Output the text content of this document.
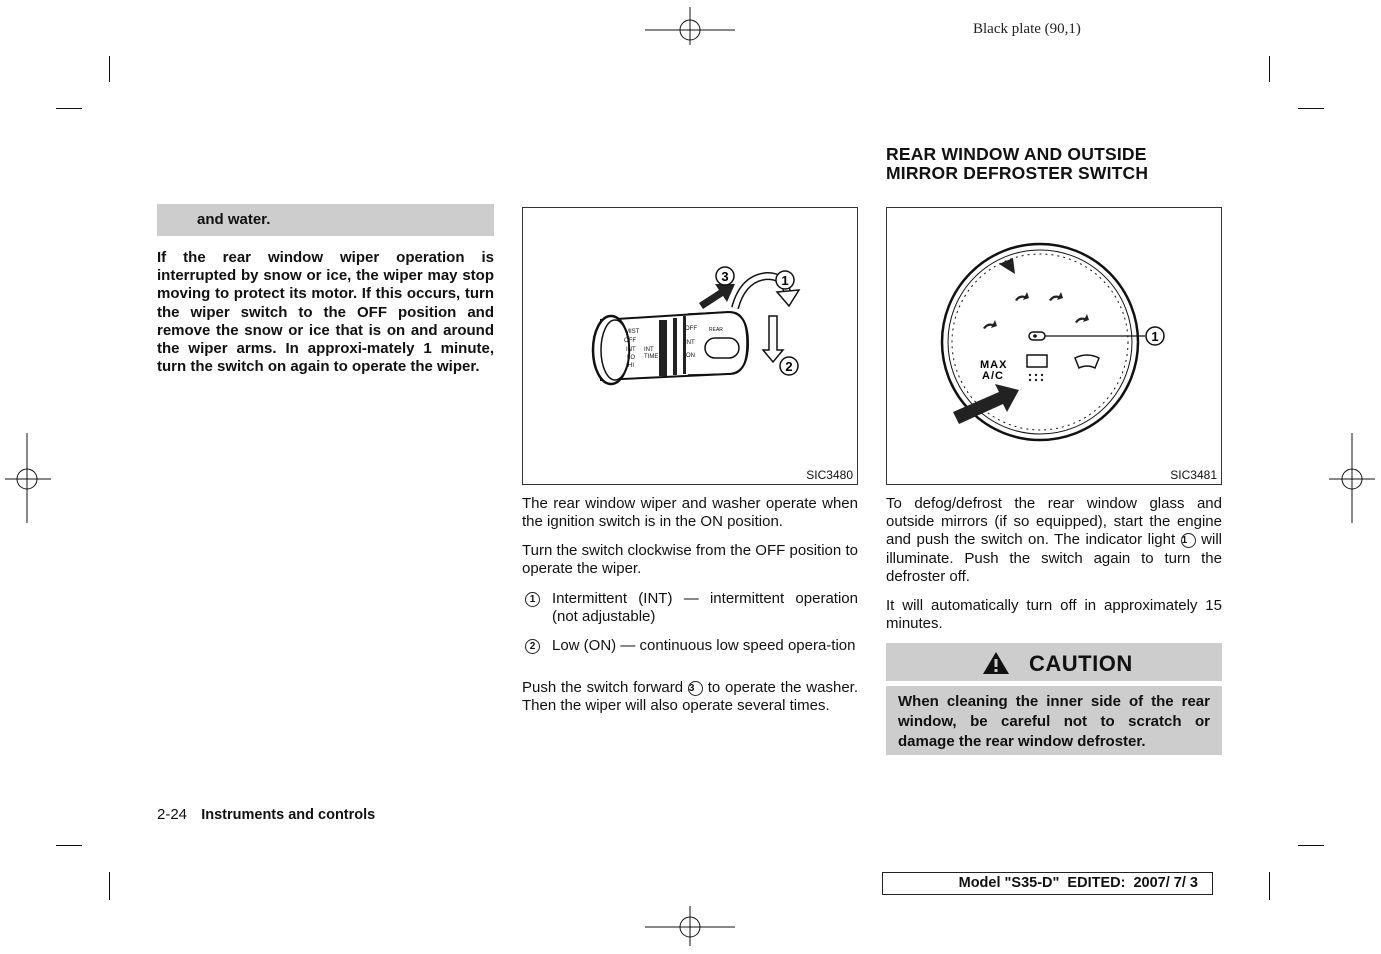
Black plate (90,1)
and water.
If the rear window wiper operation is interrupted by snow or ice, the wiper may stop moving to protect its motor. If this occurs, turn the wiper switch to the OFF position and remove the snow or ice that is on and around the wiper arms. In approxi-mately 1 minute, turn the switch on again to operate the wiper.
3	1
2
MIST
OFF
INT
LO
HI
INT
TIME
OFF
INT
ON
REAR
SIC3480

The rear window wiper and washer operate when the ignition switch is in the ON position.

Turn the switch clockwise from the OFF position to operate the wiper.

1	Intermittent (INT) — intermittent operation (not adjustable)
2	Low (ON) — continuous low speed opera-tion

Push the switch forward 3 to operate the washer. Then the wiper will also operate several times.

REAR WINDOW AND OUTSIDE
MIRROR DEFROSTER SWITCH
1
MAX
A/C
SIC3481

To defog/defrost the rear window glass and outside mirrors (if so equipped), start the engine and push the switch on. The indicator light 1 will illuminate. Push the switch again to turn the defroster off.

It will automatically turn off in approximately 15 minutes.

CAUTION
When cleaning the inner side of the rear window, be careful not to scratch or damage the rear window defroster.
2-24 Instruments and controls
Model "S35-D"  EDITED:  2007/ 7/ 3
